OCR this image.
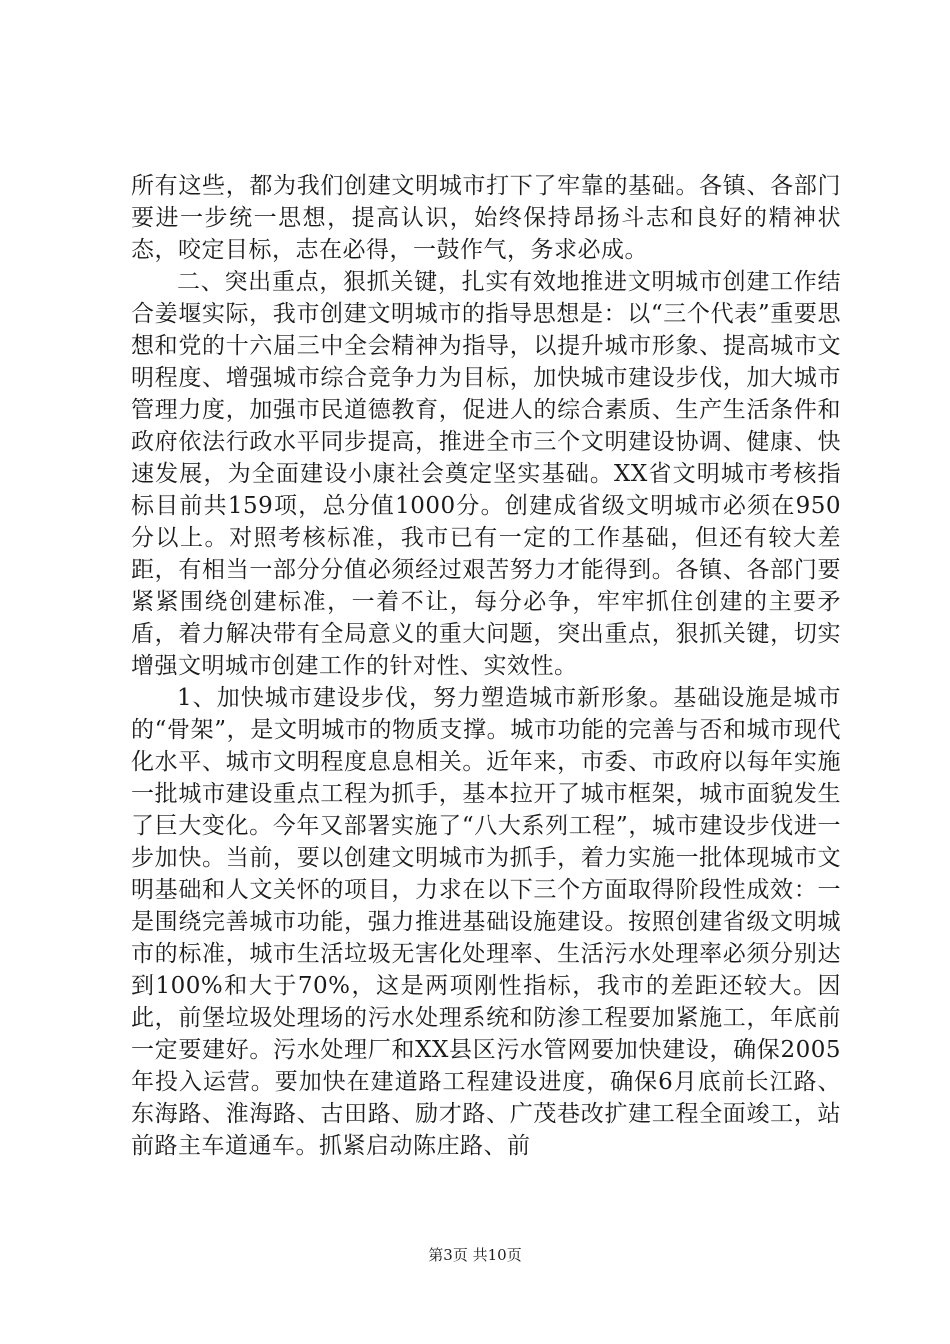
所有这些，都为我们创建文明城市打下了牢靠的基础。各镇、各部门要进一步统一思想，提高认识，始终保持昂扬斗志和良好的精神状态，咬定目标，志在必得，一鼓作气，务求必成。

二、突出重点，狠抓关键，扎实有效地推进文明城市创建工作结合姜堰实际，我市创建文明城市的指导思想是：以“三个代表”重要思想和党的十六届三中全会精神为指导，以提升城市形象、提高城市文明程度、增强城市综合竞争力为目标，加快城市建设步伐，加大城市管理力度，加强市民道德教育，促进人的综合素质、生产生活条件和政府依法行政水平同步提高，推进全市三个文明建设协调、健康、快速发展，为全面建设小康社会奠定坚实基础。XX省文明城市考核指标目前共159项，总分值1000分。创建成省级文明城市必须在950分以上。对照考核标准，我市已有一定的工作基础，但还有较大差距，有相当一部分分值必须经过艰苦努力才能得到。各镇、各部门要紧紧围绕创建标准，一着不让，每分必争，牢牢抓住创建的主要矛盾，着力解决带有全局意义的重大问题，突出重点，狠抓关键，切实增强文明城市创建工作的针对性、实效性。

1、加快城市建设步伐，努力塑造城市新形象。基础设施是城市的“骨架”，是文明城市的物质支撑。城市功能的完善与否和城市现代化水平、城市文明程度息息相关。近年来，市委、市政府以每年实施一批城市建设重点工程为抓手，基本拉开了城市框架，城市面貌发生了巨大变化。今年又部署实施了“八大系列工程”，城市建设步伐进一步加快。当前，要以创建文明城市为抓手，着力实施一批体现城市文明基础和人文关怀的项目，力求在以下三个方面取得阶段性成效：一是围绕完善城市功能，强力推进基础设施建设。按照创建省级文明城市的标准，城市生活垃圾无害化处理率、生活污水处理率必须分别达到100%和大于70%，这是两项刚性指标，我市的差距还较大。因此，前堡垃圾处理场的污水处理系统和防渗工程要加紧施工，年底前一定要建好。污水处理厂和XX县区污水管网要加快建设，确保2005年投入运营。要加快在建道路工程建设进度，确保6月底前长江路、东海路、淮海路、古田路、励才路、广茂巷改扩建工程全面竣工，站前路主车道通车。抓紧启动陈庄路、前

第3页 共10页
